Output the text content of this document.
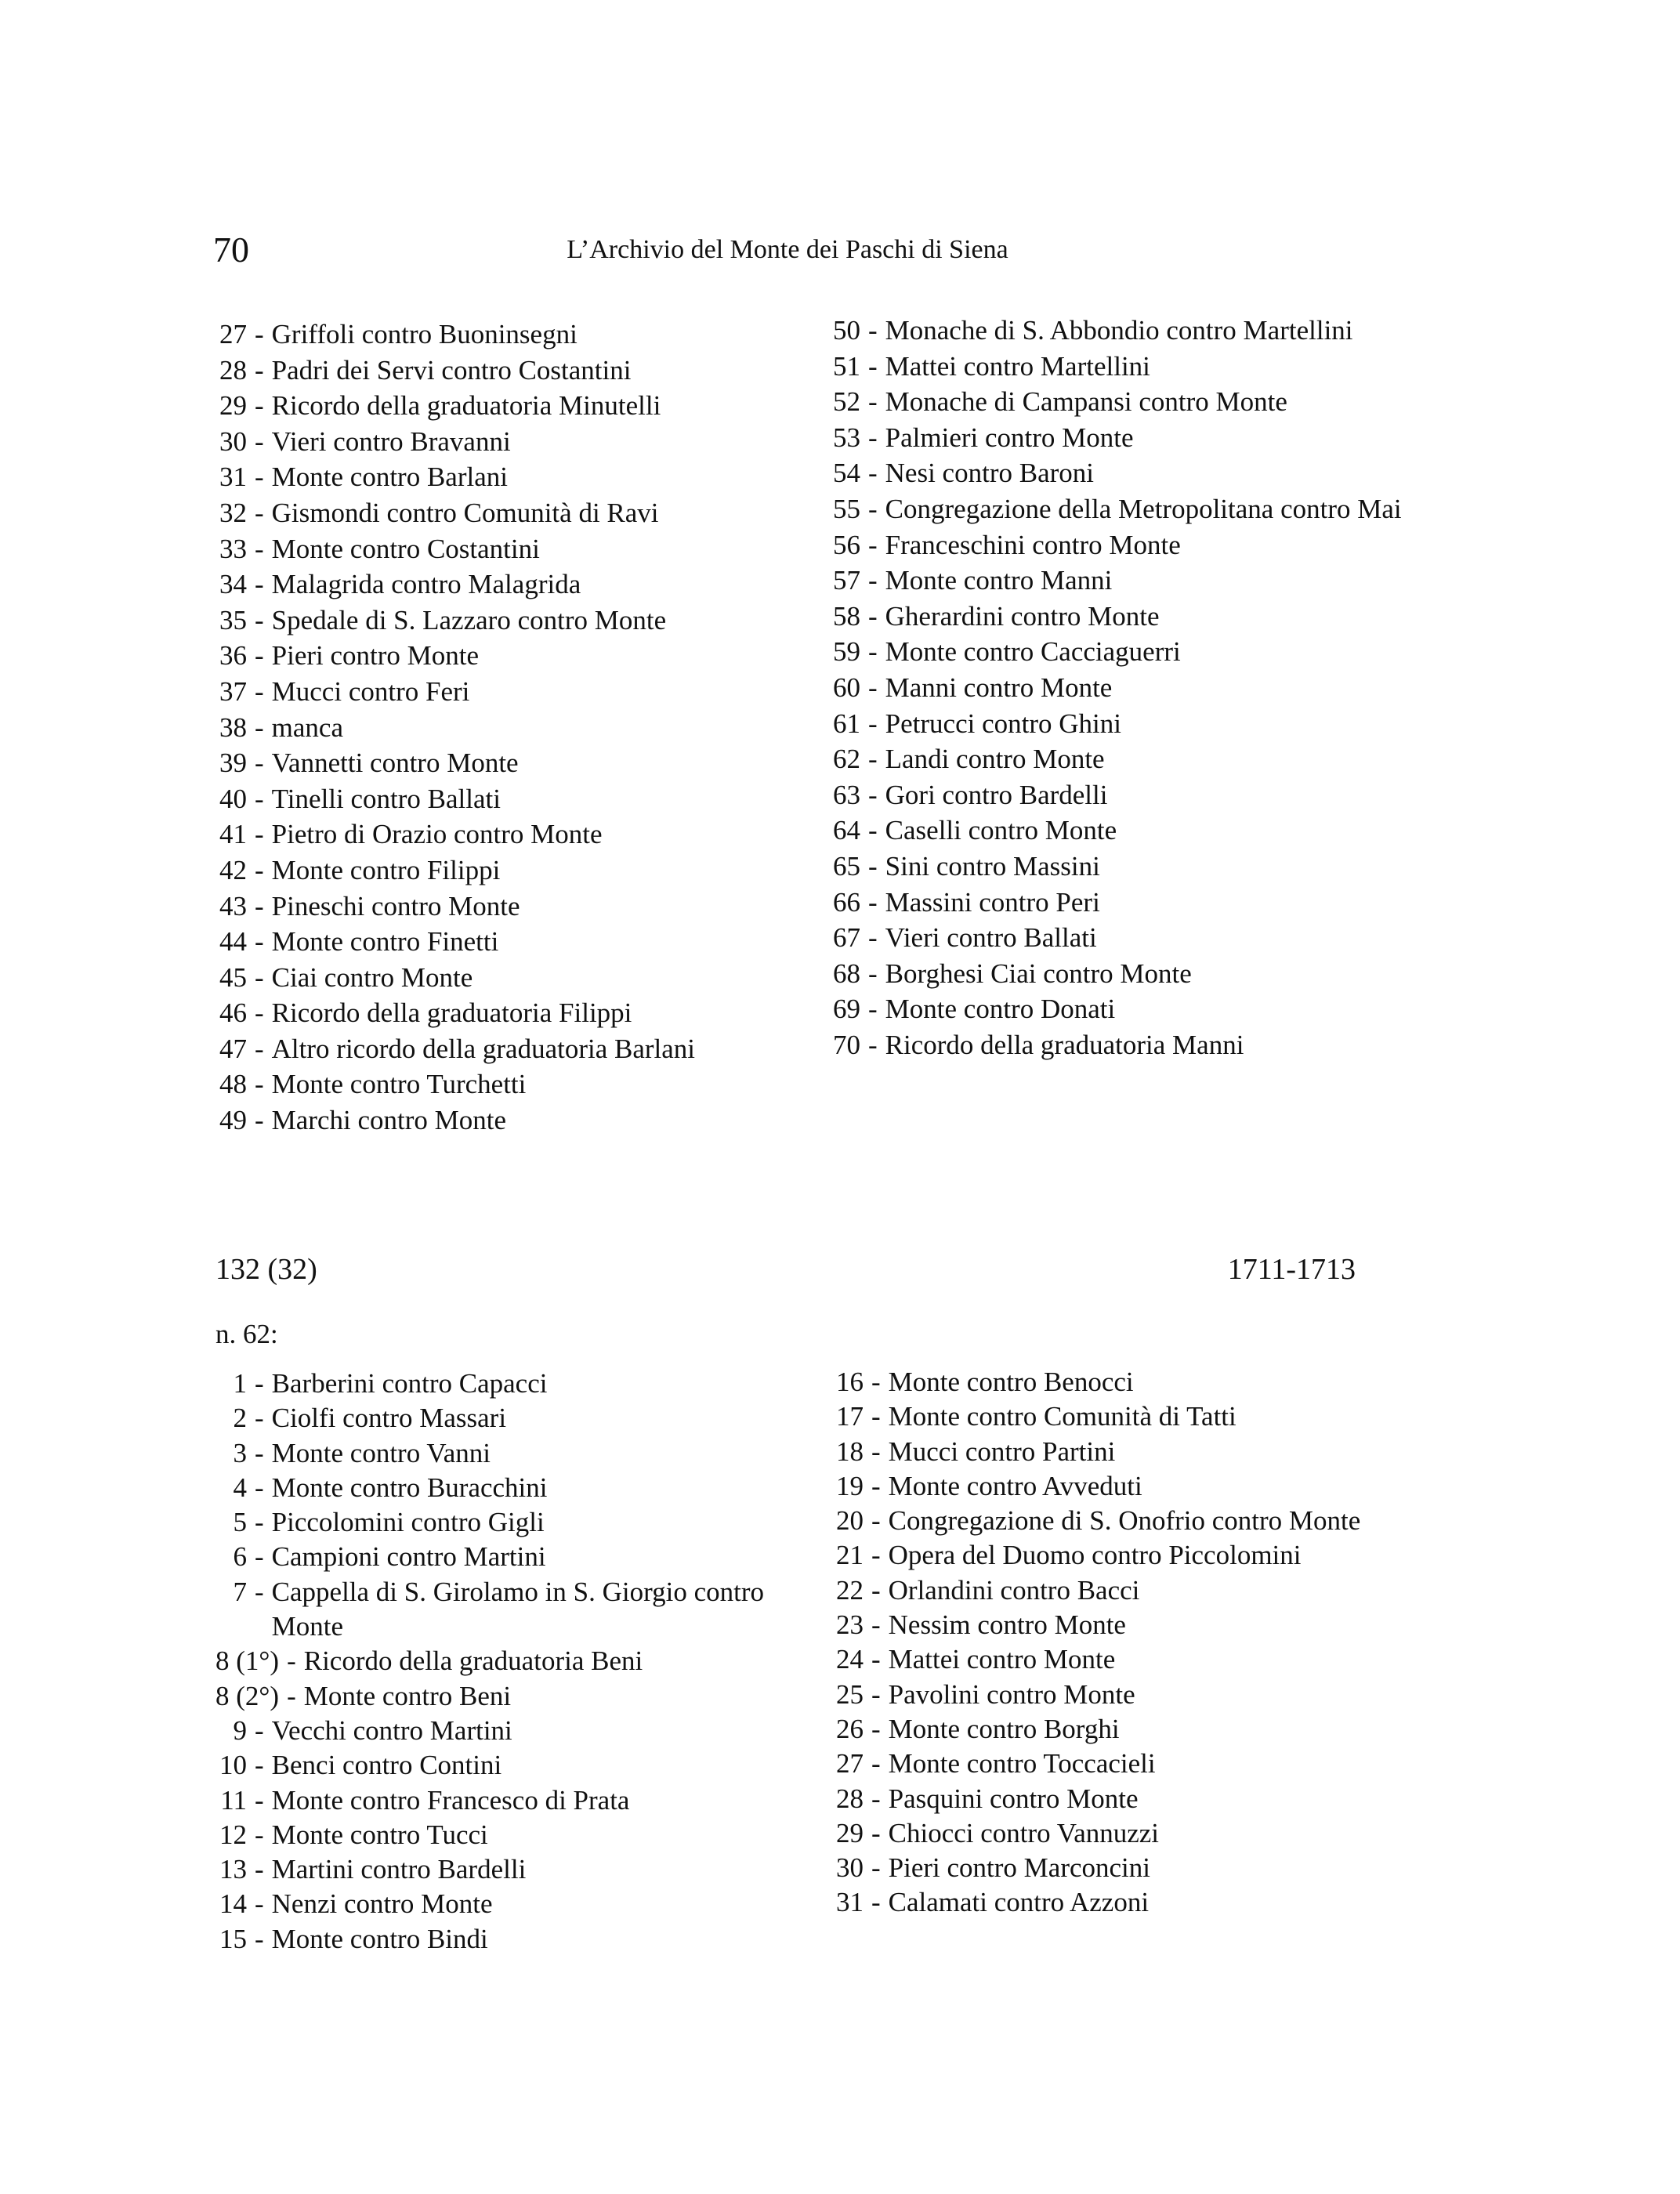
70	L’Archivio del Monte dei Paschi di Siena
27 - Griffoli contro Buoninsegni
28 - Padri dei Servi contro Costantini
29 - Ricordo della graduatoria Minutelli
30 - Vieri contro Bravanni
31 - Monte contro Barlani
32 - Gismondi contro Comunità di Ravi
33 - Monte contro Costantini
34 - Malagrida contro Malagrida
35 - Spedale di S. Lazzaro contro Monte
36 - Pieri contro Monte
37 - Mucci contro Feri
38 - manca
39 - Vannetti contro Monte
40 - Tinelli contro Ballati
41 - Pietro di Orazio contro Monte
42 - Monte contro Filippi
43 - Pineschi contro Monte
44 - Monte contro Finetti
45 - Ciai contro Monte
46 - Ricordo della graduatoria Filippi
47 - Altro ricordo della graduatoria Barlani
48 - Monte contro Turchetti
49 - Marchi contro Monte
50 - Monache di S. Abbondio contro Martellini
51 - Mattei contro Martellini
52 - Monache di Campansi contro Monte
53 - Palmieri contro Monte
54 - Nesi contro Baroni
55 - Congregazione della Metropolitana contro Mai
56 - Franceschini contro Monte
57 - Monte contro Manni
58 - Gherardini contro Monte
59 - Monte contro Cacciaguerri
60 - Manni contro Monte
61 - Petrucci contro Ghini
62 - Landi contro Monte
63 - Gori contro Bardelli
64 - Caselli contro Monte
65 - Sini contro Massini
66 - Massini contro Peri
67 - Vieri contro Ballati
68 - Borghesi Ciai contro Monte
69 - Monte contro Donati
70 - Ricordo della graduatoria Manni
132 (32)	1711-1713
n. 62:
1 - Barberini contro Capacci
2 - Ciolfi contro Massari
3 - Monte contro Vanni
4 - Monte contro Buracchini
5 - Piccolomini contro Gigli
6 - Campioni contro Martini
7 - Cappella di S. Girolamo in S. Giorgio contro Monte
8 (1°) - Ricordo della graduatoria Beni
8 (2°) - Monte contro Beni
9 - Vecchi contro Martini
10 - Benci contro Contini
11 - Monte contro Francesco di Prata
12 - Monte contro Tucci
13 - Martini contro Bardelli
14 - Nenzi contro Monte
15 - Monte contro Bindi
16 - Monte contro Benocci
17 - Monte contro Comunità di Tatti
18 - Mucci contro Partini
19 - Monte contro Avveduti
20 - Congregazione di S. Onofrio contro Monte
21 - Opera del Duomo contro Piccolomini
22 - Orlandini contro Bacci
23 - Nessim contro Monte
24 - Mattei contro Monte
25 - Pavolini contro Monte
26 - Monte contro Borghi
27 - Monte contro Toccacieli
28 - Pasquini contro Monte
29 - Chiocci contro Vannuzzi
30 - Pieri contro Marconcini
31 - Calamati contro Azzoni
